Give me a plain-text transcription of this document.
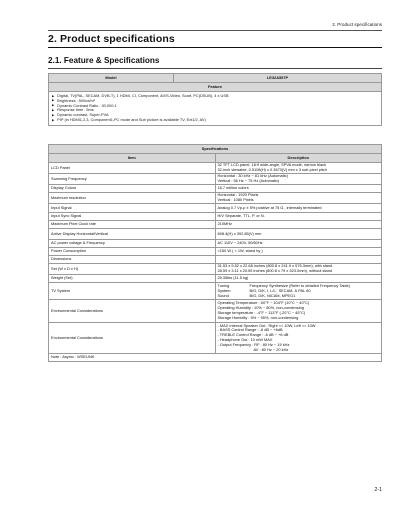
2. Product specifications
2. Product specifications
2.1. Feature & Specifications
Model	LE32A557P
Feature

▶ Digital, TV(PAL, SECAM, DVB-T), 1 HDMI, CI, Component, AV/S-Video, Scart, PC(DSUB), 4 x USB
▶ Brightness : 500cd/m²
▶ Dynamic Contrast Ratio : 30,000:1
▶ Response time : 5ms
▶ Dynamic contrast, Super-PVA
▶ PIP (in HDMI1,2,3, Component1,PC mode and Sub picture is available TV, Ext1/2, AV)
Specifications
Item	Description
LCD Panel	32 TFT LCD panel, 16:9 wide-angle, SPVA mode, narrow black
32-inch viewable, 0.5108(H) x 0.3673(V) mm x 3 sub-pixel pitch

Scanning Frequency	Horizontal : 30 kHz ~ 81 kHz (Automatic)
Vertical : 56 Hz ~ 75 Hz (Automatic)

Display Colors	16.7 million colors
Maximum resolution	Horizontal : 1920 Pixels
Vertical : 1080 Pixels

Input Signal	Analog 0.7 Vp-p ± 5% positive at 75 Ω , internally terminated
Input Sync Signal	H/V Separate, TTL, P. or N.
Maximum Pixel Clock rate	210MHz
Active Display Horizontal/Vertical	698.4(H) x 392.85(V) mm
AC power voltage & Frequency	AC 110V ~ 240V, 50/60Hz
Power Consumption	<150 W ( < 1W, stand by )
Dimensions	
Set (W x D x H)	31.53 x 9.52 x 22.68 inches (800.8 x 241.9 x 576.3mm), with stand
28.59 x 3.11 x 20.59 inches (800.8 x 79 x 523.0mm), without stand

Weight (Set)	25.35lbs (11.5 kg)
TV System	
Tuning	Frequency Synthesize (Refer to detailed Frequency Table)
System	B/G, D/K, I, L/L', SECAM, & PAL 60
Sound	B/G, D/K, NICAM, MPEG1

Environmental Considerations	
Operating Temperature : 50°F ~ 104°F (10°C ~ 40°C)
Operating Humidity : 10% ~ 80%, non-condensing
Storage temperature : -4°F ~ 113°F (-20°C ~ 45°C)
Storage Humidity : 5% ~ 95%, non-condensing

Environmental Considerations	
- MAX Internal Speaker Out : Right <= 10W, Left <= 10W
- BASS Control Range : -6 dB ~ +6dB
- TREBLE Control Range : -6 dB ~ +6 dB
- Headphone Out : 10 mW MAX
- Output Frequency : RF : 80 Hz ~ 15 kHz
AV : 80 Hz ~ 20 kHz

Note : Asymc : WSEUNK
2-1
